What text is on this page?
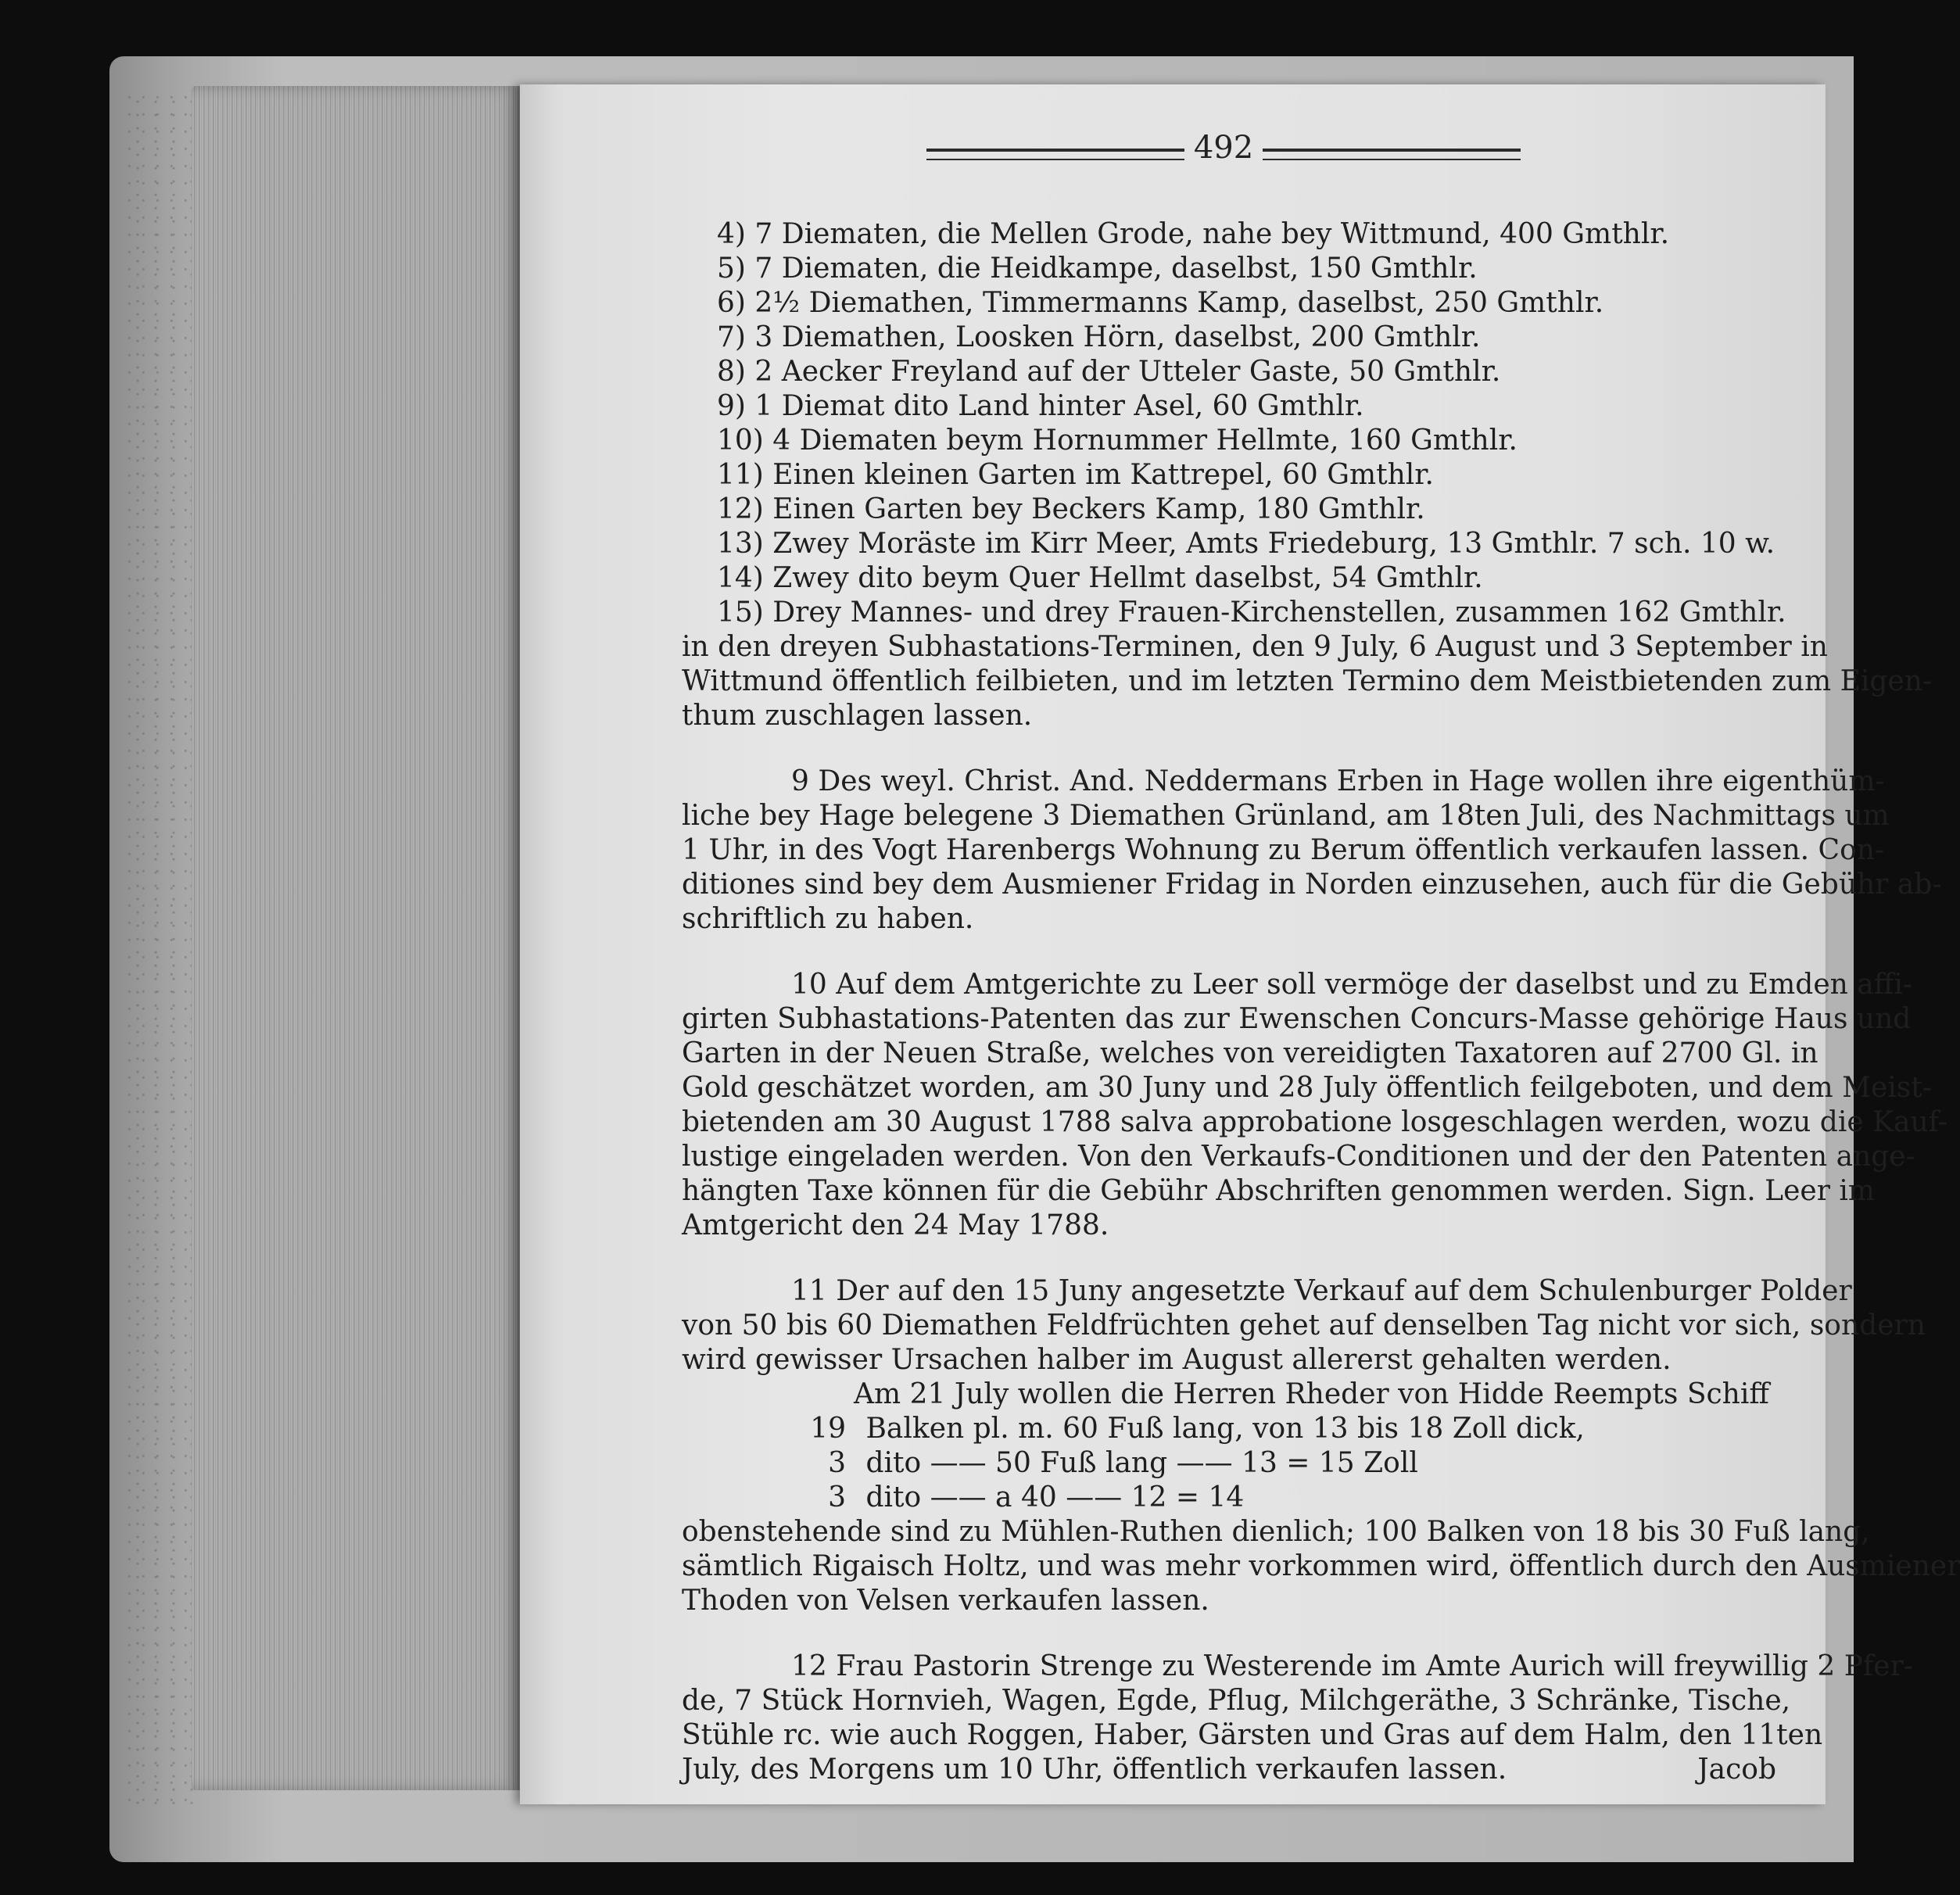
492
4) 7 Diematen, die Mellen Grode, nahe bey Wittmund, 400 Gmthlr.
5) 7 Diematen, die Heidkampe, daselbst, 150 Gmthlr.
6) 2½ Diemathen, Timmermanns Kamp, daselbst, 250 Gmthlr.
7) 3 Diemathen, Loosken Hörn, daselbst, 200 Gmthlr.
8) 2 Aecker Freyland auf der Utteler Gaste, 50 Gmthlr.
9) 1 Diemat dito Land hinter Asel, 60 Gmthlr.
10) 4 Diematen beym Hornummer Hellmte, 160 Gmthlr.
11) Einen kleinen Garten im Kattrepel, 60 Gmthlr.
12) Einen Garten bey Beckers Kamp, 180 Gmthlr.
13) Zwey Moräste im Kirr Meer, Amts Friedeburg, 13 Gmthlr. 7 sch. 10 w.
14) Zwey dito beym Quer Hellmt daselbst, 54 Gmthlr.
15) Drey Mannes- und drey Frauen-Kirchenstellen, zusammen 162 Gmthlr.
in den dreyen Subhastations-Terminen, den 9 July, 6 August und 3 September in
Wittmund öffentlich feilbieten, und im letzten Termino dem Meistbietenden zum Eigen-
thum zuschlagen lassen.
9 Des weyl. Christ. And. Neddermans Erben in Hage wollen ihre eigenthüm-
liche bey Hage belegene 3 Diemathen Grünland, am 18ten Juli, des Nachmittags um
1 Uhr, in des Vogt Harenbergs Wohnung zu Berum öffentlich verkaufen lassen. Con-
ditiones sind bey dem Ausmiener Fridag in Norden einzusehen, auch für die Gebühr ab-
schriftlich zu haben.
10 Auf dem Amtgerichte zu Leer soll vermöge der daselbst und zu Emden affi-
girten Subhastations-Patenten das zur Ewenschen Concurs-Masse gehörige Haus und
Garten in der Neuen Straße, welches von vereidigten Taxatoren auf 2700 Gl. in
Gold geschätzet worden, am 30 Juny und 28 July öffentlich feilgeboten, und dem Meist-
bietenden am 30 August 1788 salva approbatione losgeschlagen werden, wozu die Kauf-
lustige eingeladen werden. Von den Verkaufs-Conditionen und der den Patenten ange-
hängten Taxe können für die Gebühr Abschriften genommen werden. Sign. Leer im
Amtgericht den 24 May 1788.
11 Der auf den 15 Juny angesetzte Verkauf auf dem Schulenburger Polder
von 50 bis 60 Diemathen Feldfrüchten gehet auf denselben Tag nicht vor sich, sondern
wird gewisser Ursachen halber im August allererst gehalten werden.
Am 21 July wollen die Herren Rheder von Hidde Reempts Schiff
19 Balken pl. m. 60 Fuß lang, von 13 bis 18 Zoll dick,
3 dito —— 50 Fuß lang —— 13 = 15 Zoll
3 dito —— a 40 —— 12 = 14
obenstehende sind zu Mühlen-Ruthen dienlich; 100 Balken von 18 bis 30 Fuß lang,
sämtlich Rigaisch Holtz, und was mehr vorkommen wird, öffentlich durch den Ausmiener
Thoden von Velsen verkaufen lassen.
12 Frau Pastorin Strenge zu Westerende im Amte Aurich will freywillig 2 Pfer-
de, 7 Stück Hornvieh, Wagen, Egde, Pflug, Milchgeräthe, 3 Schränke, Tische,
Stühle rc. wie auch Roggen, Haber, Gärsten und Gras auf dem Halm, den 11ten
July, des Morgens um 10 Uhr, öffentlich verkaufen lassen.	Jacob
